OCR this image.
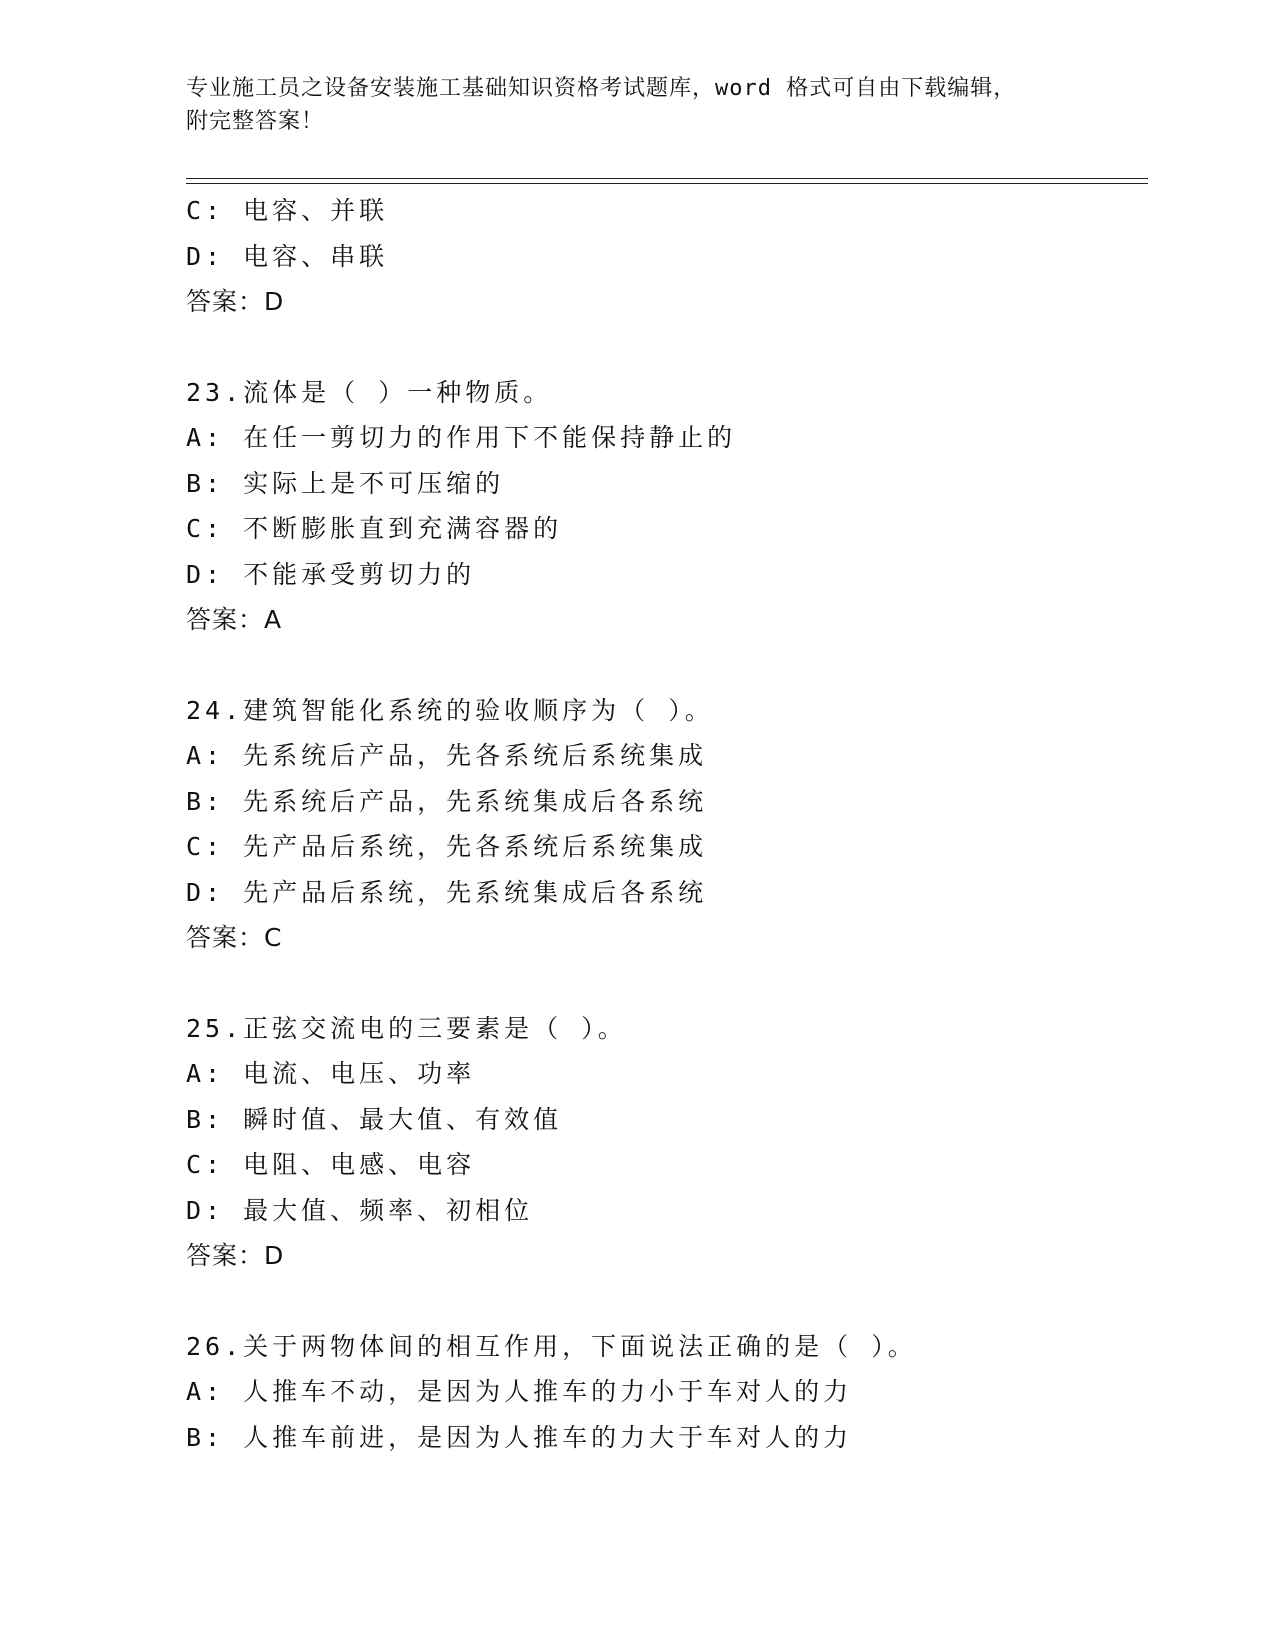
专业施工员之设备安装施工基础知识资格考试题库，word 格式可自由下载编辑，
附完整答案！
C: 电容、并联
D: 电容、串联
答案：D
23.流体是（ ）一种物质。
A: 在任一剪切力的作用下不能保持静止的
B: 实际上是不可压缩的
C: 不断膨胀直到充满容器的
D: 不能承受剪切力的
答案：A
24.建筑智能化系统的验收顺序为（ ）。
A: 先系统后产品，先各系统后系统集成
B: 先系统后产品，先系统集成后各系统
C: 先产品后系统，先各系统后系统集成
D: 先产品后系统，先系统集成后各系统
答案：C
25.正弦交流电的三要素是（ ）。
A: 电流、电压、功率
B: 瞬时值、最大值、有效值
C: 电阻、电感、电容
D: 最大值、频率、初相位
答案：D
26.关于两物体间的相互作用，下面说法正确的是（ ）。
A: 人推车不动，是因为人推车的力小于车对人的力
B: 人推车前进，是因为人推车的力大于车对人的力
